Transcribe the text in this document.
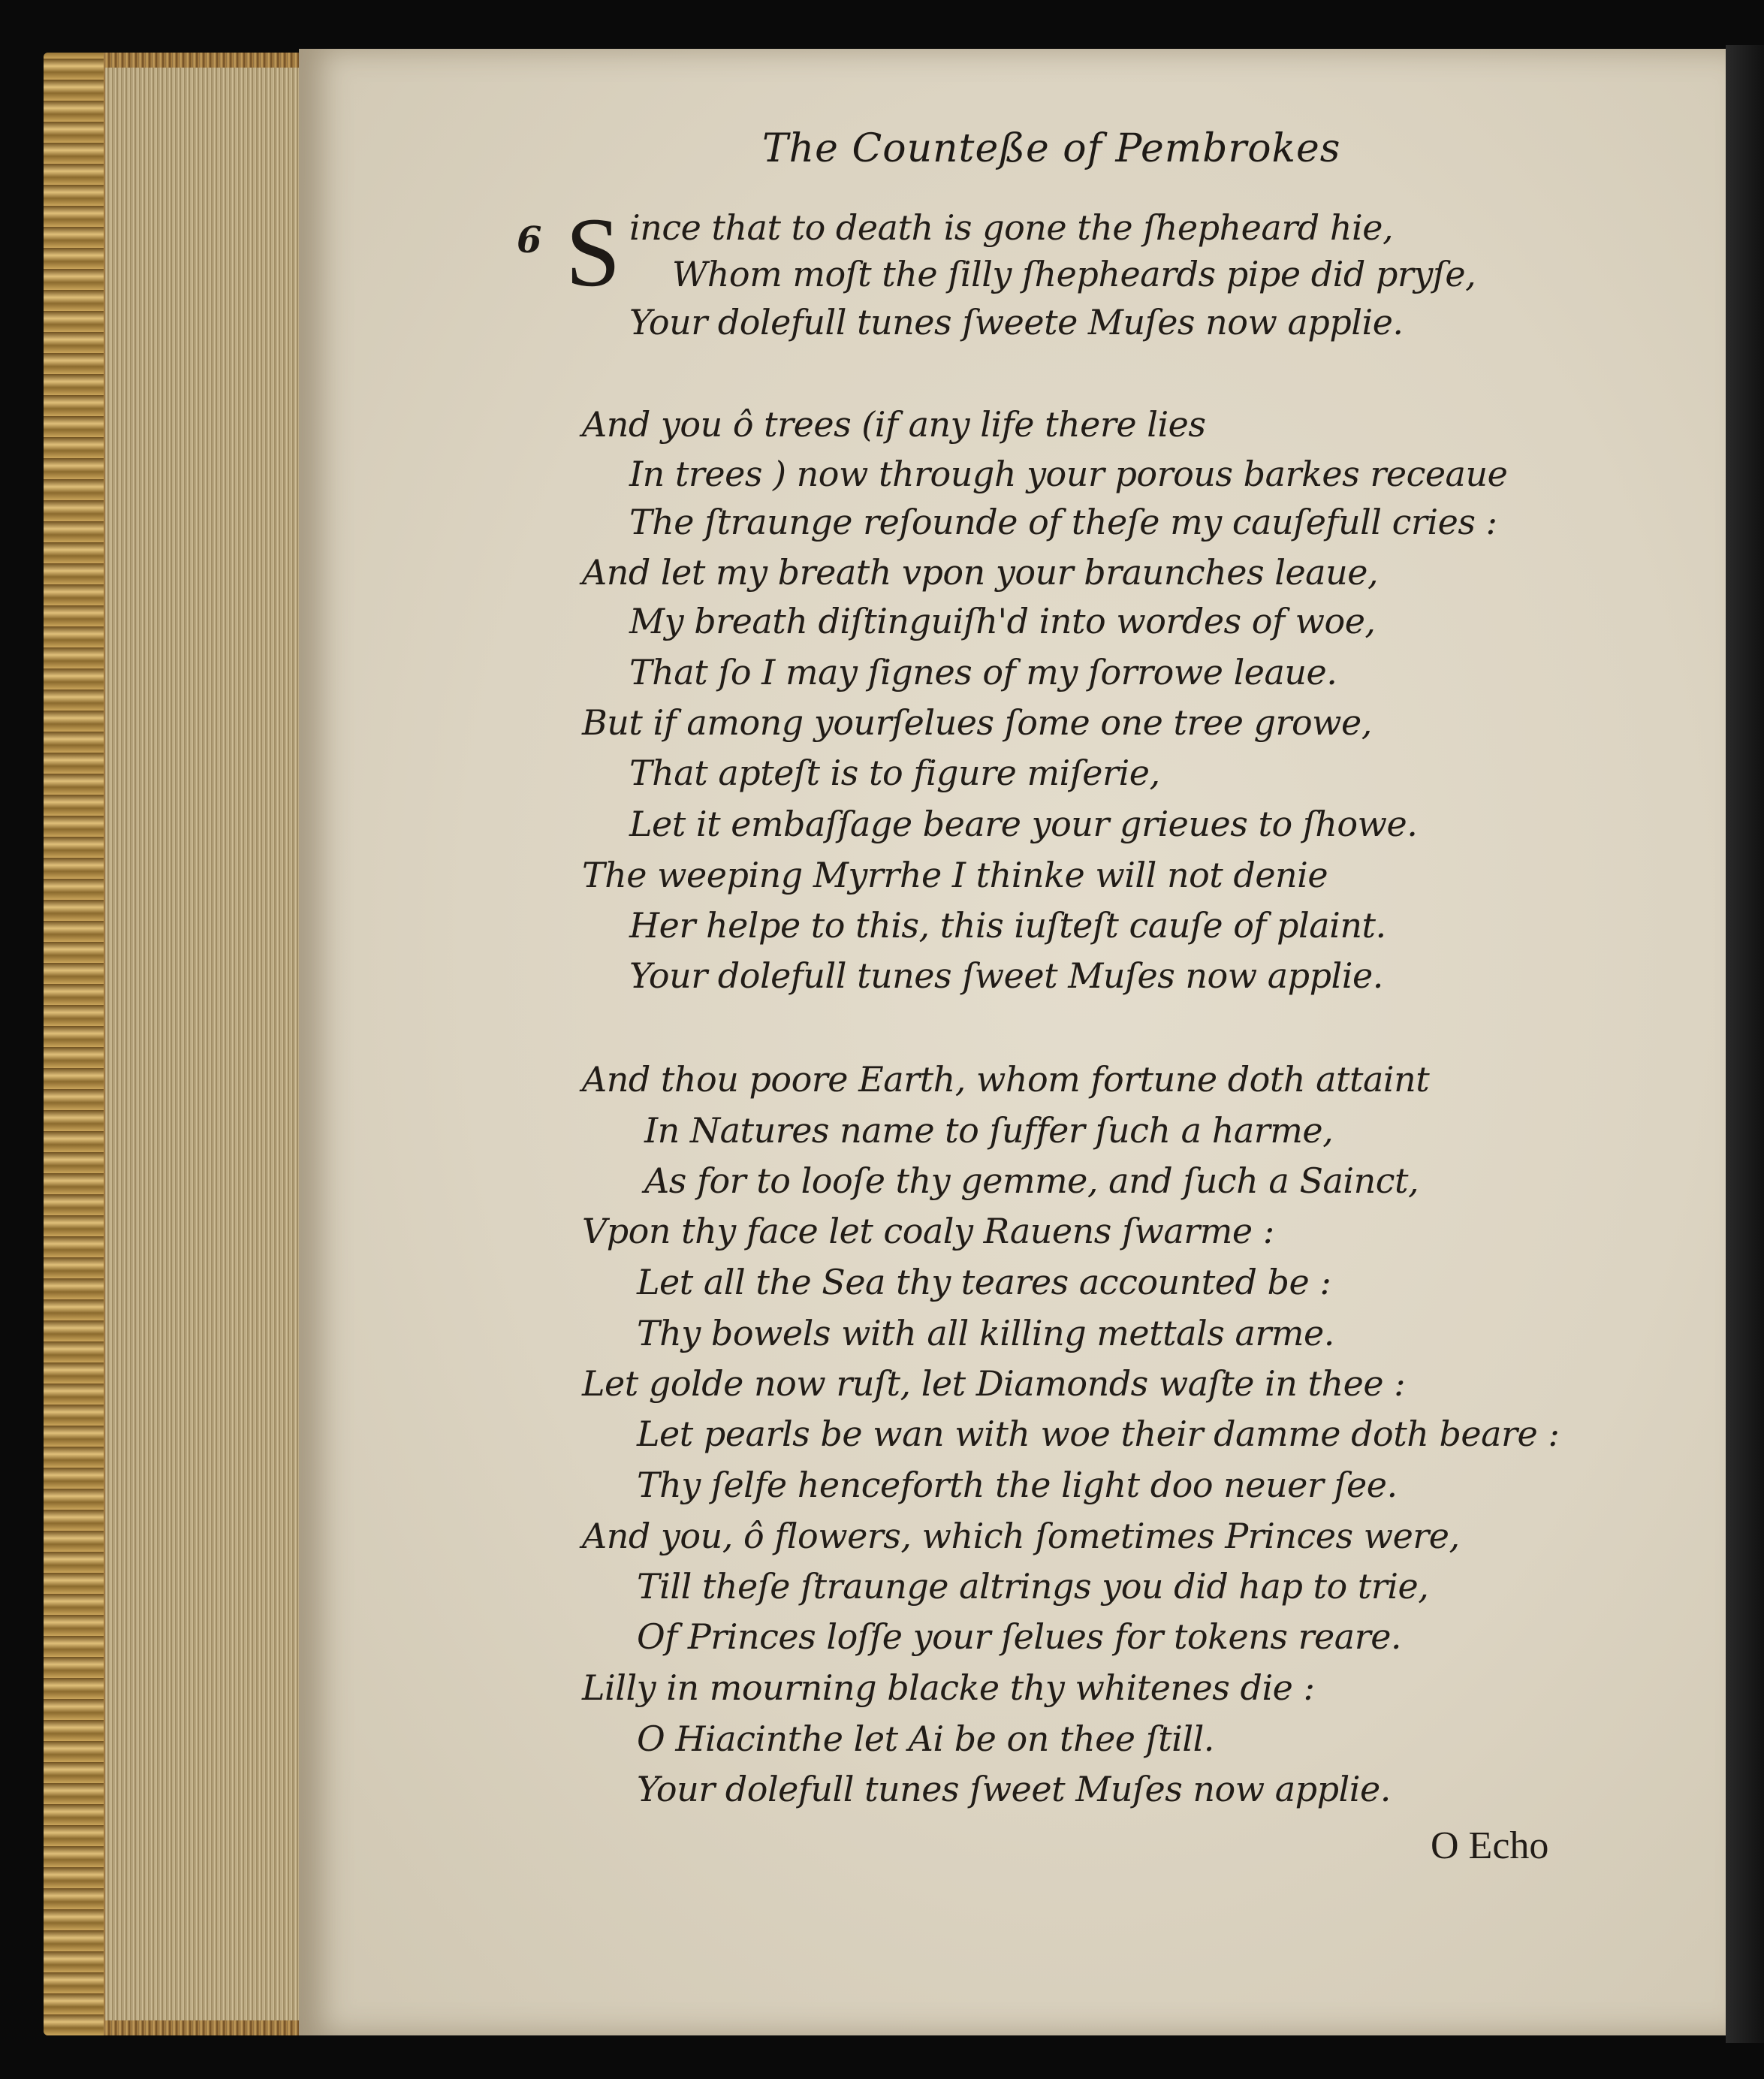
The Counteße of Pembrokes
6 S ince that to death is gone the ſhepheard hie,
Whom moſt the ſilly ſhepheards pipe did pryſe,
Your dolefull tunes ſweete Muſes now applie.
And you ô trees (if any life there lies
In trees ) now through your porous barkes receaue
The ſtraunge reſounde of theſe my cauſefull cries :
And let my breath vpon your braunches leaue,
My breath diſtinguiſh'd into wordes of woe,
That ſo I may ſignes of my ſorrowe leaue.
But if among yourſelues ſome one tree growe,
That apteſt is to figure miſerie,
Let it embaſſage beare your grieues to ſhowe.
The weeping Myrrhe I thinke will not denie
Her helpe to this, this iuſteſt cauſe of plaint.
Your dolefull tunes ſweet Muſes now applie.
And thou poore Earth, whom fortune doth attaint
In Natures name to ſuffer ſuch a harme,
As for to looſe thy gemme, and ſuch a Sainct,
Vpon thy face let coaly Rauens ſwarme :
Let all the Sea thy teares accounted be :
Thy bowels with all killing mettals arme.
Let golde now ruſt, let Diamonds waſte in thee :
Let pearls be wan with woe their damme doth beare :
Thy ſelfe henceforth the light doo neuer ſee.
And you, ô flowers, which ſometimes Princes were,
Till theſe ſtraunge altrings you did hap to trie,
Of Princes loſſe your ſelues for tokens reare.
Lilly in mourning blacke thy whitenes die :
O Hiacinthe let Ai be on thee ſtill.
Your dolefull tunes ſweet Muſes now applie.
O Echo
